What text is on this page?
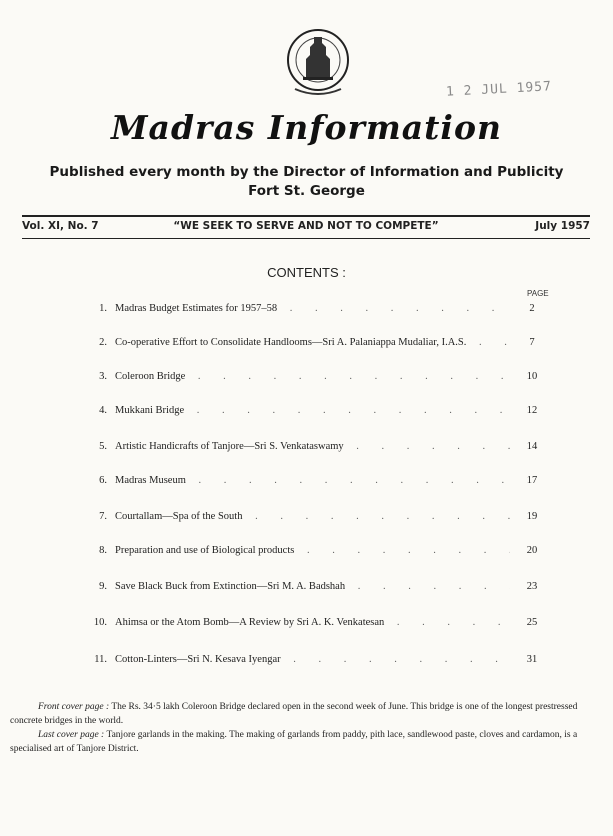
1 2 JUL 1957
Madras Information
Published every month by the Director of Information and Publicity
Fort St. George
“WE SEEK TO SERVE AND NOT TO COMPETE”
Vol. XI, No. 7	July 1957
CONTENTS :
PAGE
1. Madras Budget Estimates for 1957–58 . . .	2
2. Co-operative Effort to Consolidate Handlooms—Sri A. Palaniappa Mudaliar, I.A.S. . . .	7
3. Coleroon Bridge . . .	10
4. Mukkani Bridge . . .	12
5. Artistic Handicrafts of Tanjore—Sri S. Venkataswamy . . .	14
6. Madras Museum . . .	17
7. Courtallam—Spa of the South . . .	19
8. Preparation and use of Biological products . . .	20
9. Save Black Buck from Extinction—Sri M. A. Badshah . . .	23
10. Ahimsa or the Atom Bomb—A Review by Sri A. K. Venkatesan . . .	25
11. Cotton-Linters—Sri N. Kesava Iyengar . . .	31

Front cover page : The Rs. 34·5 lakh Coleroon Bridge declared open in the second week of June. This bridge is one of the longest prestressed concrete bridges in the world.

Last cover page : Tanjore garlands in the making. The making of garlands from paddy, pith lace, sandlewood paste, cloves and cardamon, is a specialised art of Tanjore District.
